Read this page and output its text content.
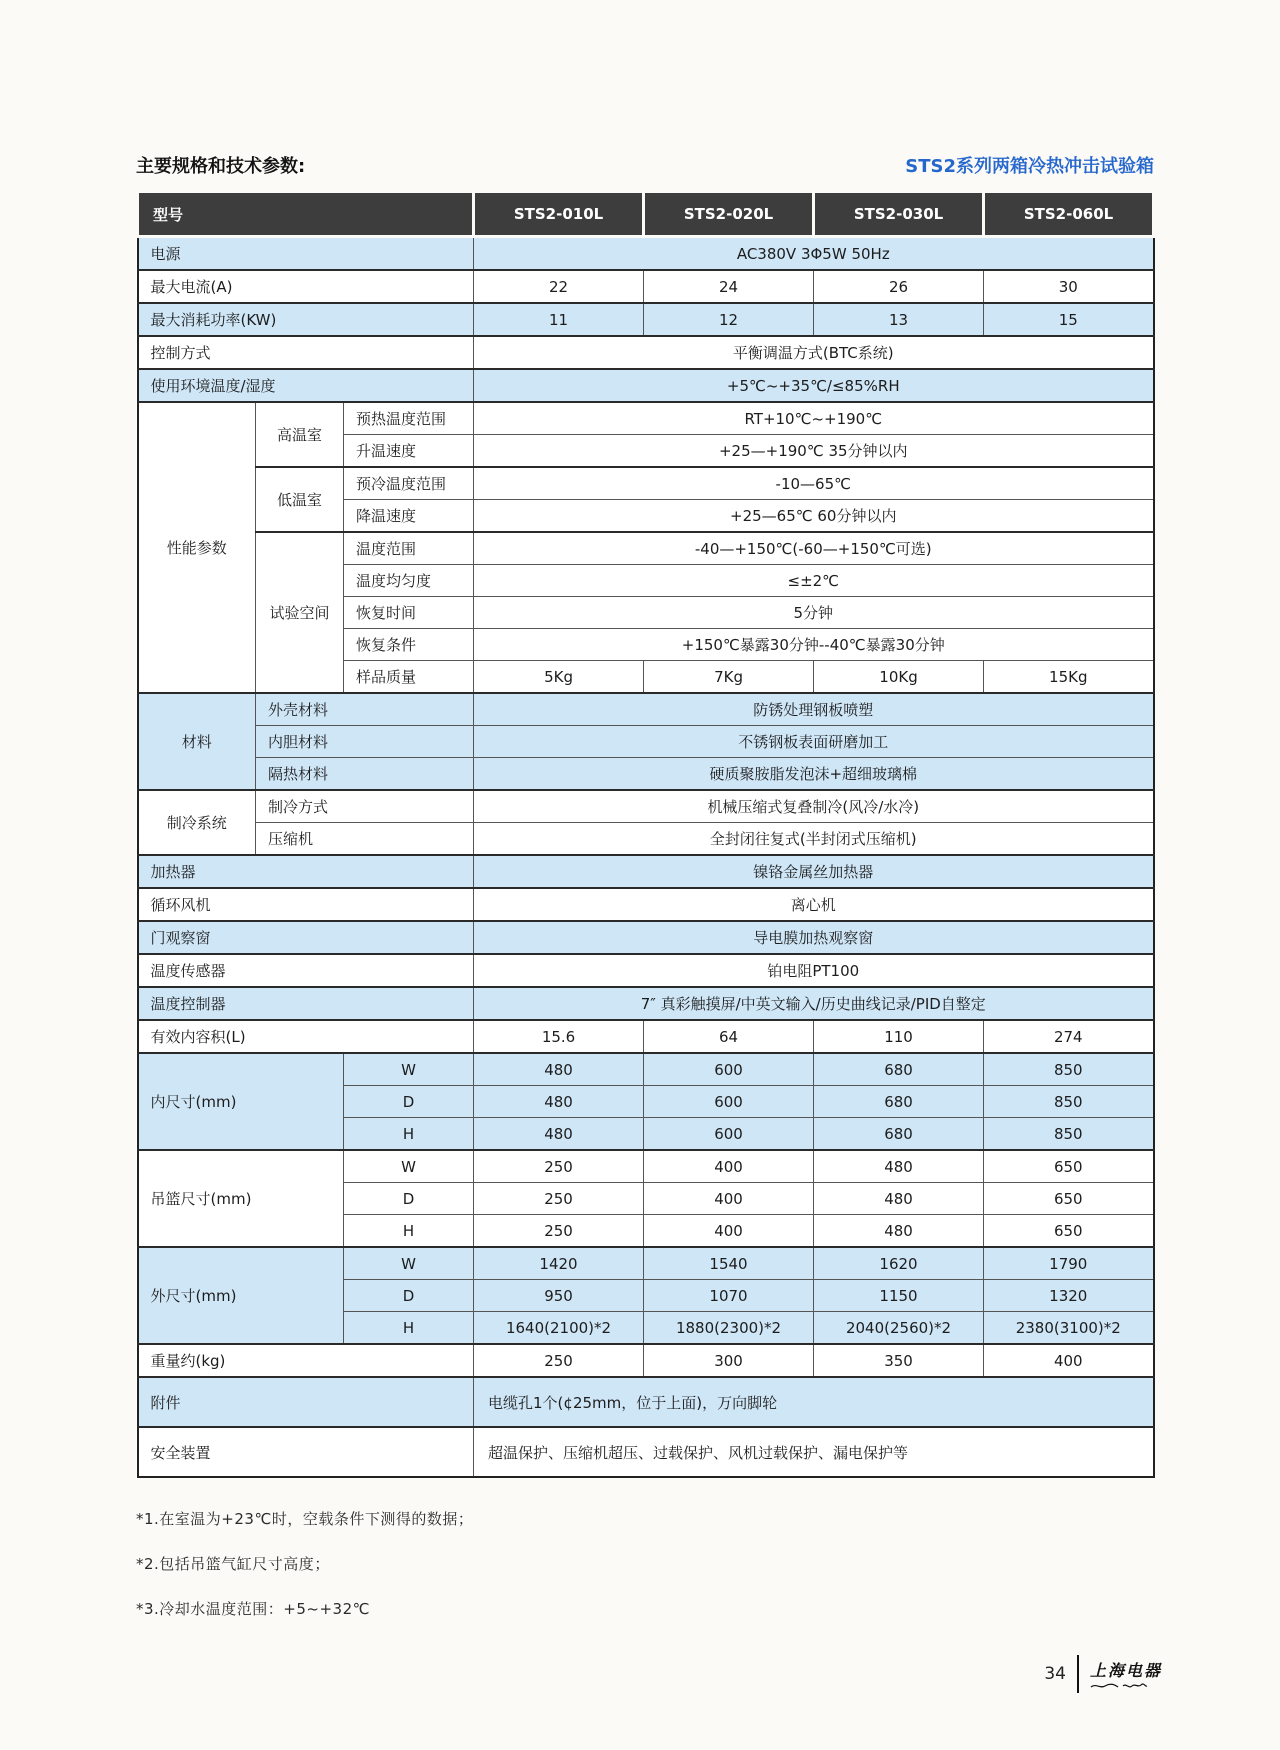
主要规格和技术参数:	STS2系列两箱冷热冲击试验箱
型号			STS2-010L	STS2-020L	STS2-030L	STS2-060L
电源			AC380V 3Φ5W 50Hz			
最大电流(A)			22	24	26	30
最大消耗功率(KW)			11	12	13	15
控制方式			平衡调温方式(BTC系统)			
使用环境温度/湿度			+5℃~+35℃/≤85%RH			
性能参数	高温室	预热温度范围	RT+10℃~+190℃			
		升温速度	+25—+190℃ 35分钟以内			
	低温室	预冷温度范围	-10—65℃			
		降温速度	+25—65℃ 60分钟以内			
	试验空间	温度范围	-40—+150℃(-60—+150℃可选)			
		温度均匀度	≤±2℃			
		恢复时间	5分钟			
		恢复条件	+150℃暴露30分钟--40℃暴露30分钟			
		样品质量	5Kg	7Kg	10Kg	15Kg
材料	外壳材料		防锈处理钢板喷塑			
	内胆材料		不锈钢板表面研磨加工			
	隔热材料		硬质聚胺脂发泡沫+超细玻璃棉			
制冷系统	制冷方式		机械压缩式复叠制冷(风冷/水冷)			
	压缩机		全封闭往复式(半封闭式压缩机)			
加热器			镍铬金属丝加热器			
循环风机			离心机			
门观察窗			导电膜加热观察窗			
温度传感器			铂电阻PT100			
温度控制器			7″ 真彩触摸屏/中英文输入/历史曲线记录/PID自整定			
有效内容积(L)			15.6	64	110	274
内尺寸(mm)		W	480	600	680	850
		D	480	600	680	850
		H	480	600	680	850
吊篮尺寸(mm)		W	250	400	480	650
		D	250	400	480	650
		H	250	400	480	650
外尺寸(mm)		W	1420	1540	1620	1790
		D	950	1070	1150	1320
		H	1640(2100)*2	1880(2300)*2	2040(2560)*2	2380(3100)*2
重量约(kg)			250	300	350	400
附件			电缆孔1个(¢25mm，位于上面)，万向脚轮			
安全装置			超温保护、压缩机超压、过载保护、风机过载保护、漏电保护等			
*1.在室温为+23℃时，空载条件下测得的数据；
*2.包括吊篮气缸尺寸高度；
*3.冷却水温度范围：+5~+32℃
34 上海电器
